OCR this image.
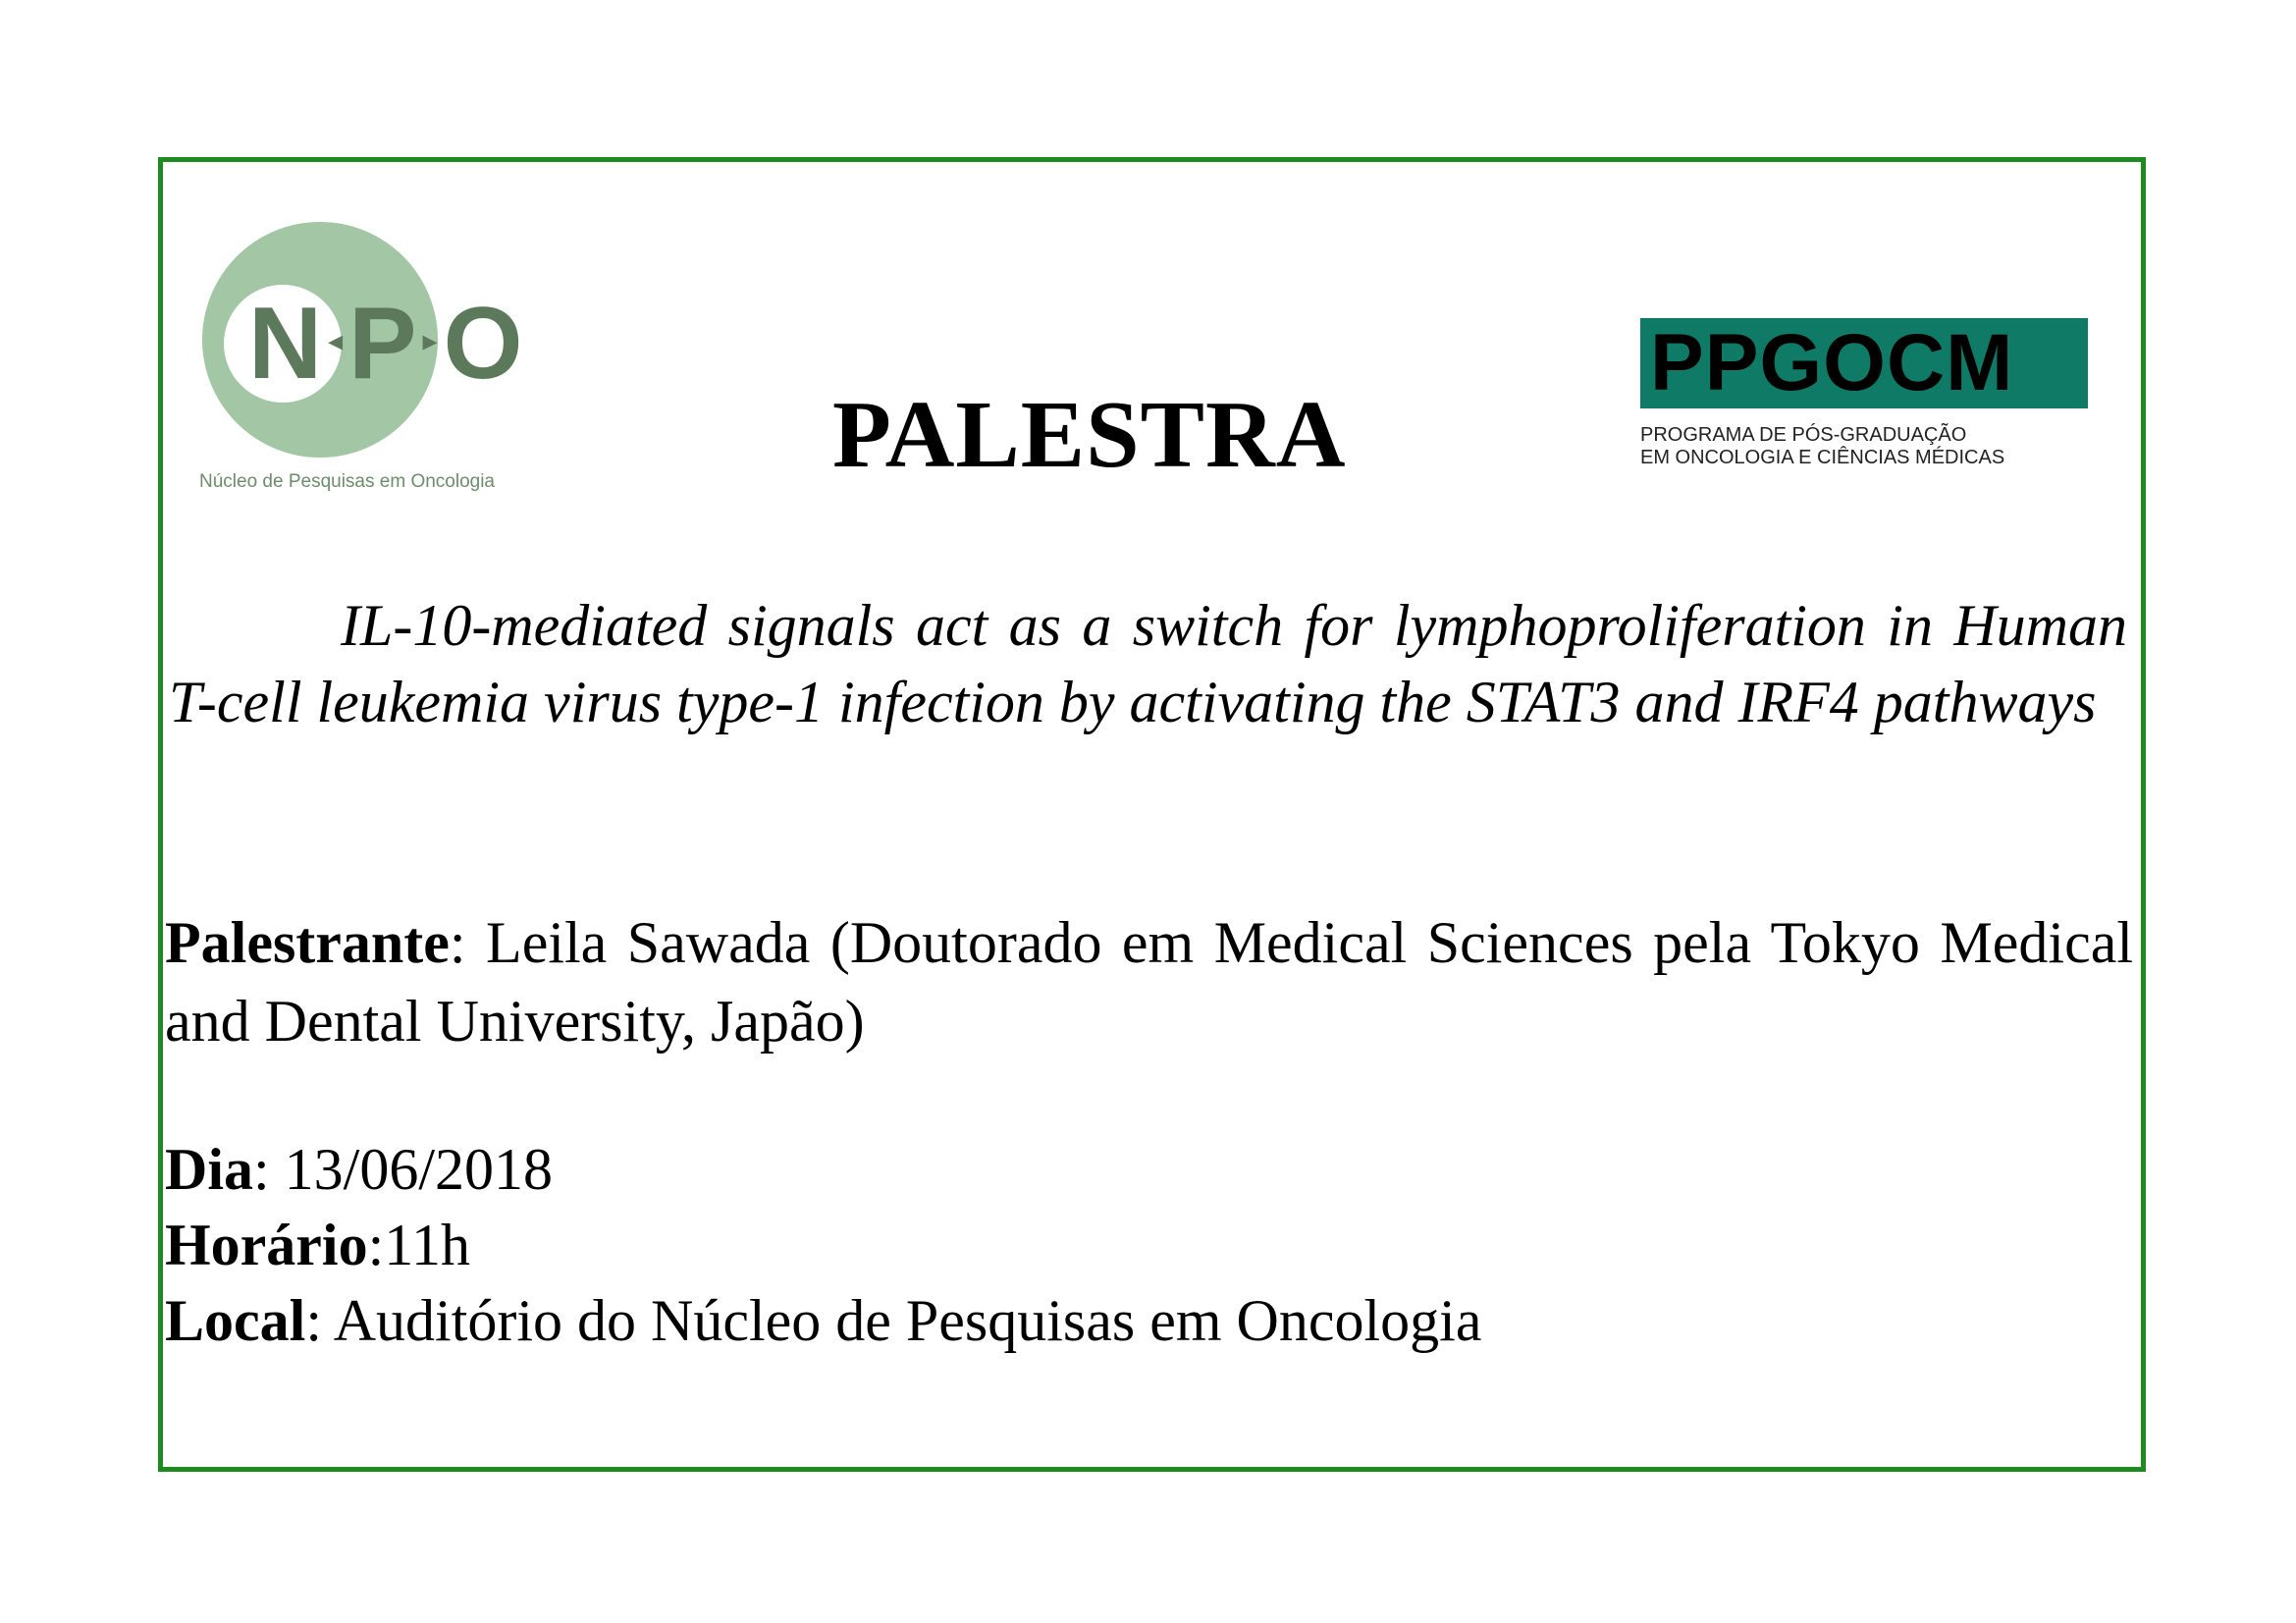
N ◂P ▸O
Núcleo de Pesquisas em Oncologia	PALESTRA
PPGOCM
PROGRAMA DE PÓS-GRADUAÇÃO
EM ONCOLOGIA E CIÊNCIAS MÉDICAS
IL-10-mediated signals act as a switch for lymphoproliferation in Human T-cell leukemia virus type-1 infection by activating the STAT3 and IRF4 pathways
Palestrante: Leila Sawada (Doutorado em Medical Sciences pela Tokyo Medical and Dental University, Japão)
Dia: 13/06/2018
Horário:11h
Local: Auditório do Núcleo de Pesquisas em Oncologia
